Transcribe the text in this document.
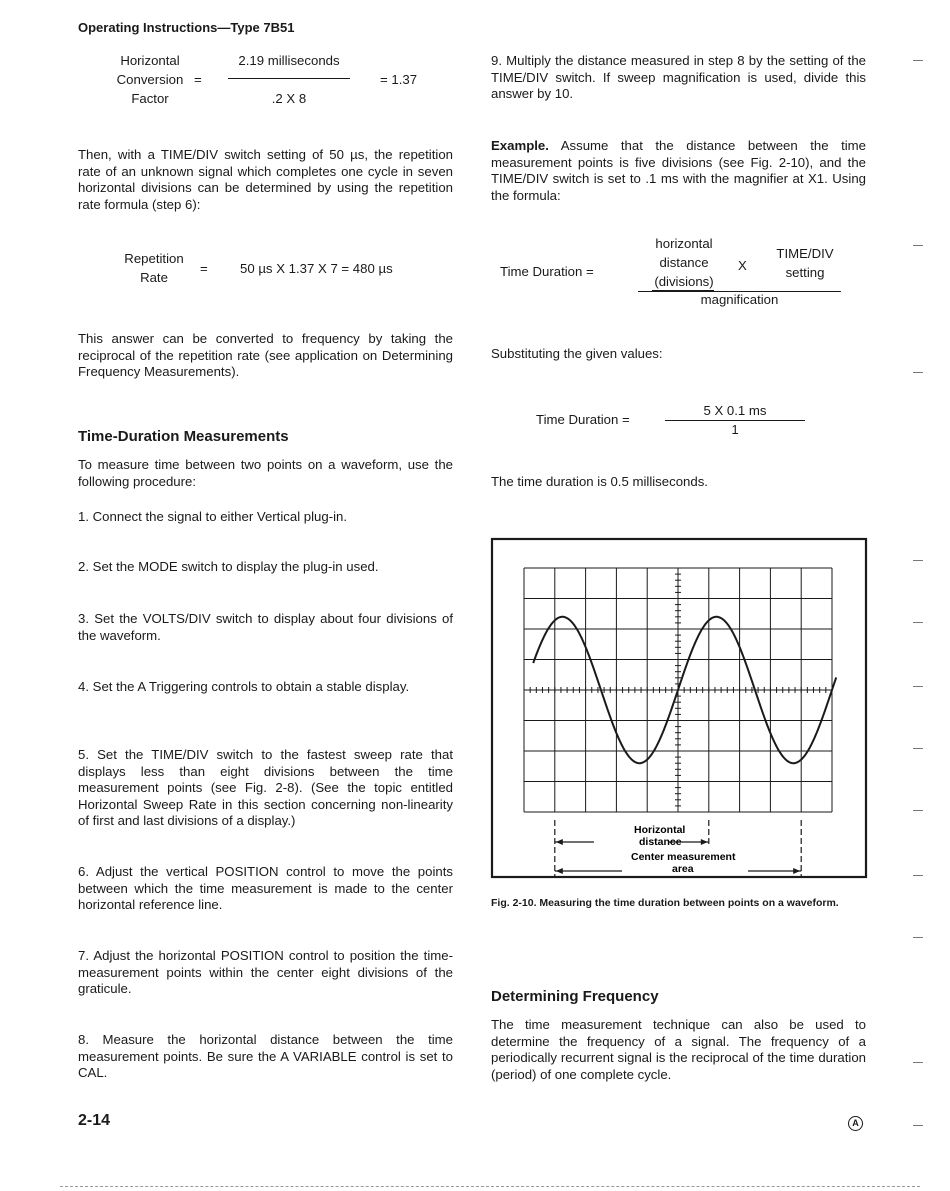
Operating Instructions—Type 7B51
Horizontal
Conversion
Factor
=
2.19 milliseconds
.2 X 8
= 1.37

Then, with a TIME/DIV switch setting of 50 µs, the repetition rate of an unknown signal which completes one cycle in seven horizontal divisions can be determined by using the repetition rate formula (step 6):

Repetition
Rate
= 50 µs X 1.37 X 7 = 480 µs

This answer can be converted to frequency by taking the reciprocal of the repetition rate (see application on Determining Frequency Measurements).

Time-Duration Measurements

To measure time between two points on a waveform, use the following procedure:

1. Connect the signal to either Vertical plug-in.

2. Set the MODE switch to display the plug-in used.

3. Set the VOLTS/DIV switch to display about four divisions of the waveform.

4. Set the A Triggering controls to obtain a stable display.

5. Set the TIME/DIV switch to the fastest sweep rate that displays less than eight divisions between the time measurement points (see Fig. 2-8). (See the topic entitled Horizontal Sweep Rate in this section concerning non-linearity of first and last divisions of a display.)

6. Adjust the vertical POSITION control to move the points between which the time measurement is made to the center horizontal reference line.

7. Adjust the horizontal POSITION control to position the time-measurement points within the center eight divisions of the graticule.

8. Measure the horizontal distance between the time measurement points. Be sure the A VARIABLE control is set to CAL.

2-14

9. Multiply the distance measured in step 8 by the setting of the TIME/DIV switch. If sweep magnification is used, divide this answer by 10.

Example. Assume that the distance between the time measurement points is five divisions (see Fig. 2-10), and the TIME/DIV switch is set to .1 ms with the magnifier at X1. Using the formula:

Time Duration =
horizontal
distance
(divisions)
X
TIME/DIV
setting
magnification

Substituting the given values:

Time Duration =
5 X 0.1 ms
1

The time duration is 0.5 milliseconds.

Horizontal
distance
Center measurement
area
Fig. 2-10. Measuring the time duration between points on a waveform.
Determining Frequency

The time measurement technique can also be used to determine the frequency of a signal. The frequency of a periodically recurrent signal is the reciprocal of the time duration (period) of one complete cycle.

A
